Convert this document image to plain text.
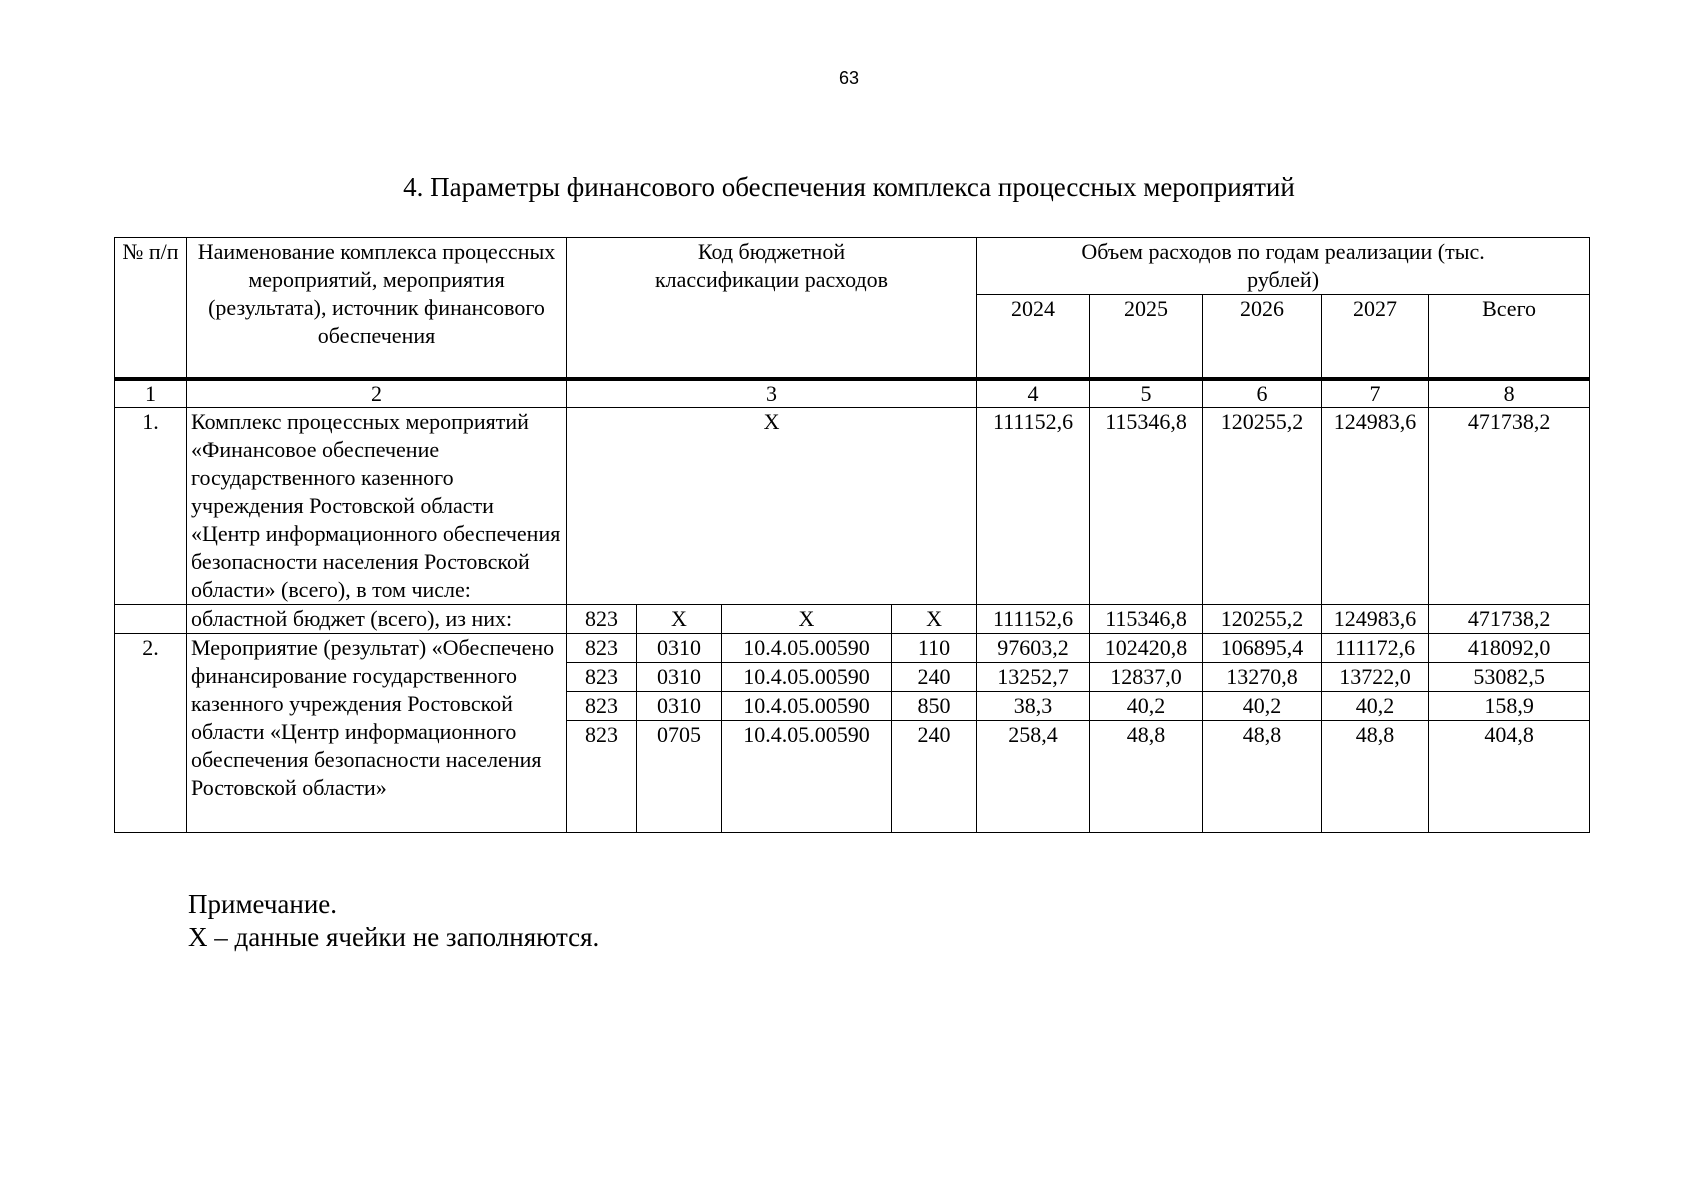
63
4. Параметры финансового обеспечения комплекса процессных мероприятий
№ п/п	Наименование комплекса процессных мероприятий, мероприятия (результата), источник финансового обеспечения	Код бюджетной классификации расходов				Объем расходов по годам реализации (тыс. рублей)				
						2024	2025	2026	2027	Всего
1	2	3				4	5	6	7	8
1.	Комплекс процессных мероприятий «Финансовое обеспечение государственного казенного учреждения Ростовской области «Центр информационного обеспечения безопасности населения Ростовской области» (всего), в том числе:	X				111152,6	115346,8	120255,2	124983,6	471738,2
	областной бюджет (всего), из них:	823	X	X	X	111152,6	115346,8	120255,2	124983,6	471738,2
2.	Мероприятие (результат) «Обеспечено финансирование государственного казенного учреждения Ростовской области «Центр информационного обеспечения безопасности населения Ростовской области»	823	0310	10.4.05.00590	110	97603,2	102420,8	106895,4	111172,6	418092,0
		823	0310	10.4.05.00590	240	13252,7	12837,0	13270,8	13722,0	53082,5
		823	0310	10.4.05.00590	850	38,3	40,2	40,2	40,2	158,9
		823	0705	10.4.05.00590	240	258,4	48,8	48,8	48,8	404,8
Примечание.
Х – данные ячейки не заполняются.
